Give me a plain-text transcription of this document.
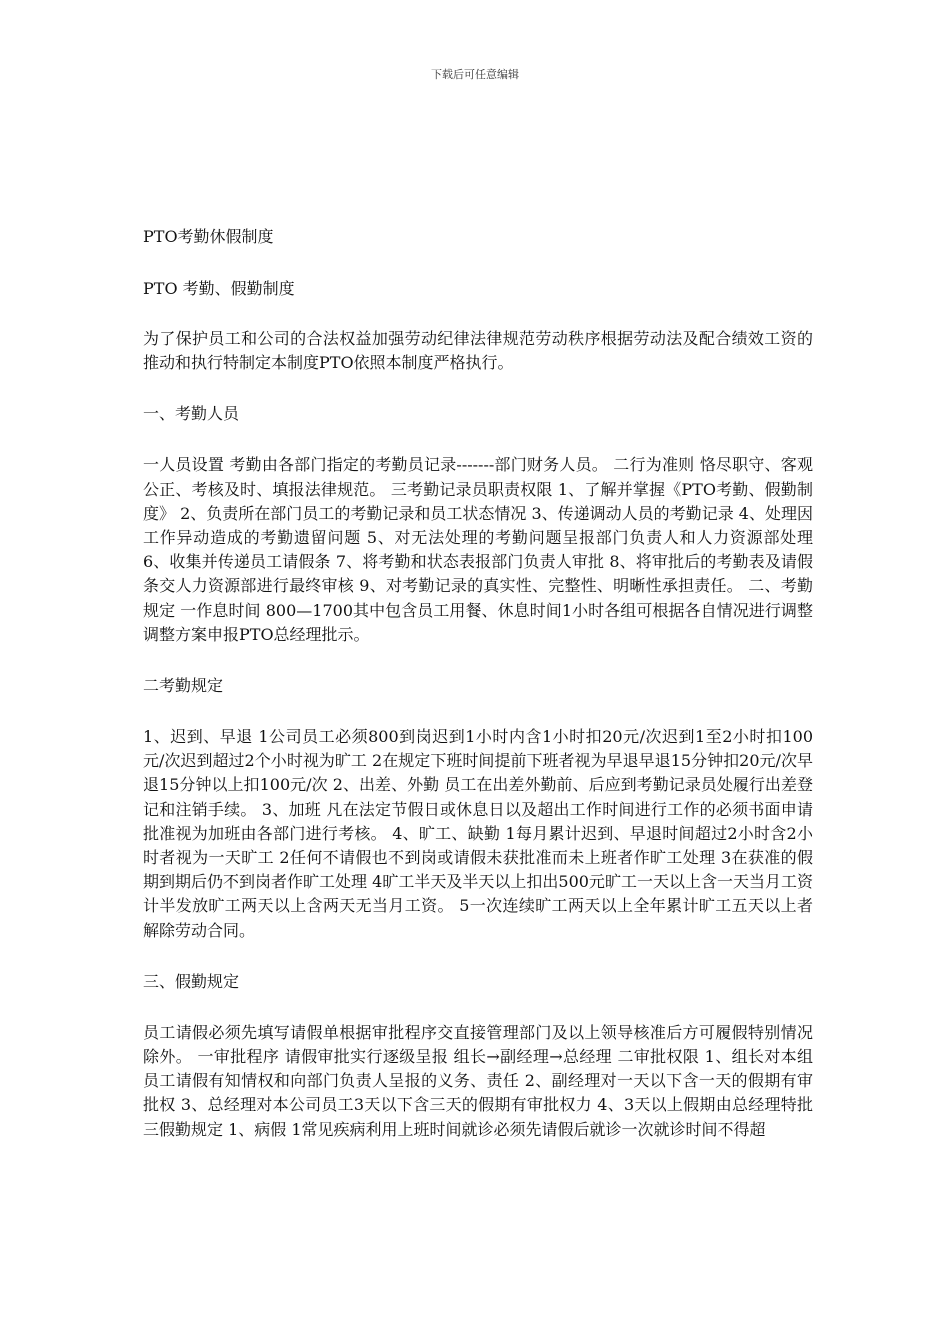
下载后可任意编辑
PTO考勤休假制度
PTO 考勤、假勤制度
为了保护员工和公司的合法权益加强劳动纪律法律规范劳动秩序根据劳动法及配合绩效工资的推动和执行特制定本制度PTO依照本制度严格执行。
一、考勤人员
一人员设置 考勤由各部门指定的考勤员记录-------部门财务人员。 二行为准则 恪尽职守、客观公正、考核及时、填报法律规范。 三考勤记录员职责权限 1、了解并掌握《PTO考勤、假勤制度》 2、负责所在部门员工的考勤记录和员工状态情况 3、传递调动人员的考勤记录 4、处理因工作异动造成的考勤遗留问题 5、对无法处理的考勤问题呈报部门负责人和人力资源部处理 6、收集并传递员工请假条 7、将考勤和状态表报部门负责人审批 8、将审批后的考勤表及请假条交人力资源部进行最终审核 9、对考勤记录的真实性、完整性、明晰性承担责任。 二、考勤规定 一作息时间 800—1700其中包含员工用餐、休息时间1小时各组可根据各自情况进行调整调整方案申报PTO总经理批示。
二考勤规定
1、迟到、早退 1公司员工必须800到岗迟到1小时内含1小时扣20元/次迟到1至2小时扣100元/次迟到超过2个小时视为旷工 2在规定下班时间提前下班者视为早退早退15分钟扣20元/次早退15分钟以上扣100元/次 2、出差、外勤 员工在出差外勤前、后应到考勤记录员处履行出差登记和注销手续。 3、加班 凡在法定节假日或休息日以及超出工作时间进行工作的必须书面申请批准视为加班由各部门进行考核。 4、旷工、缺勤 1每月累计迟到、早退时间超过2小时含2小时者视为一天旷工 2任何不请假也不到岗或请假未获批准而未上班者作旷工处理 3在获准的假期到期后仍不到岗者作旷工处理 4旷工半天及半天以上扣出500元旷工一天以上含一天当月工资计半发放旷工两天以上含两天无当月工资。 5一次连续旷工两天以上全年累计旷工五天以上者解除劳动合同。
三、假勤规定
员工请假必须先填写请假单根据审批程序交直接管理部门及以上领导核准后方可履假特别情况除外。 一审批程序 请假审批实行逐级呈报 组长→副经理→总经理 二审批权限 1、组长对本组员工请假有知情权和向部门负责人呈报的义务、责任 2、副经理对一天以下含一天的假期有审批权 3、总经理对本公司员工3天以下含三天的假期有审批权力 4、3天以上假期由总经理特批 三假勤规定 1、病假 1常见疾病利用上班时间就诊必须先请假后就诊一次就诊时间不得超
